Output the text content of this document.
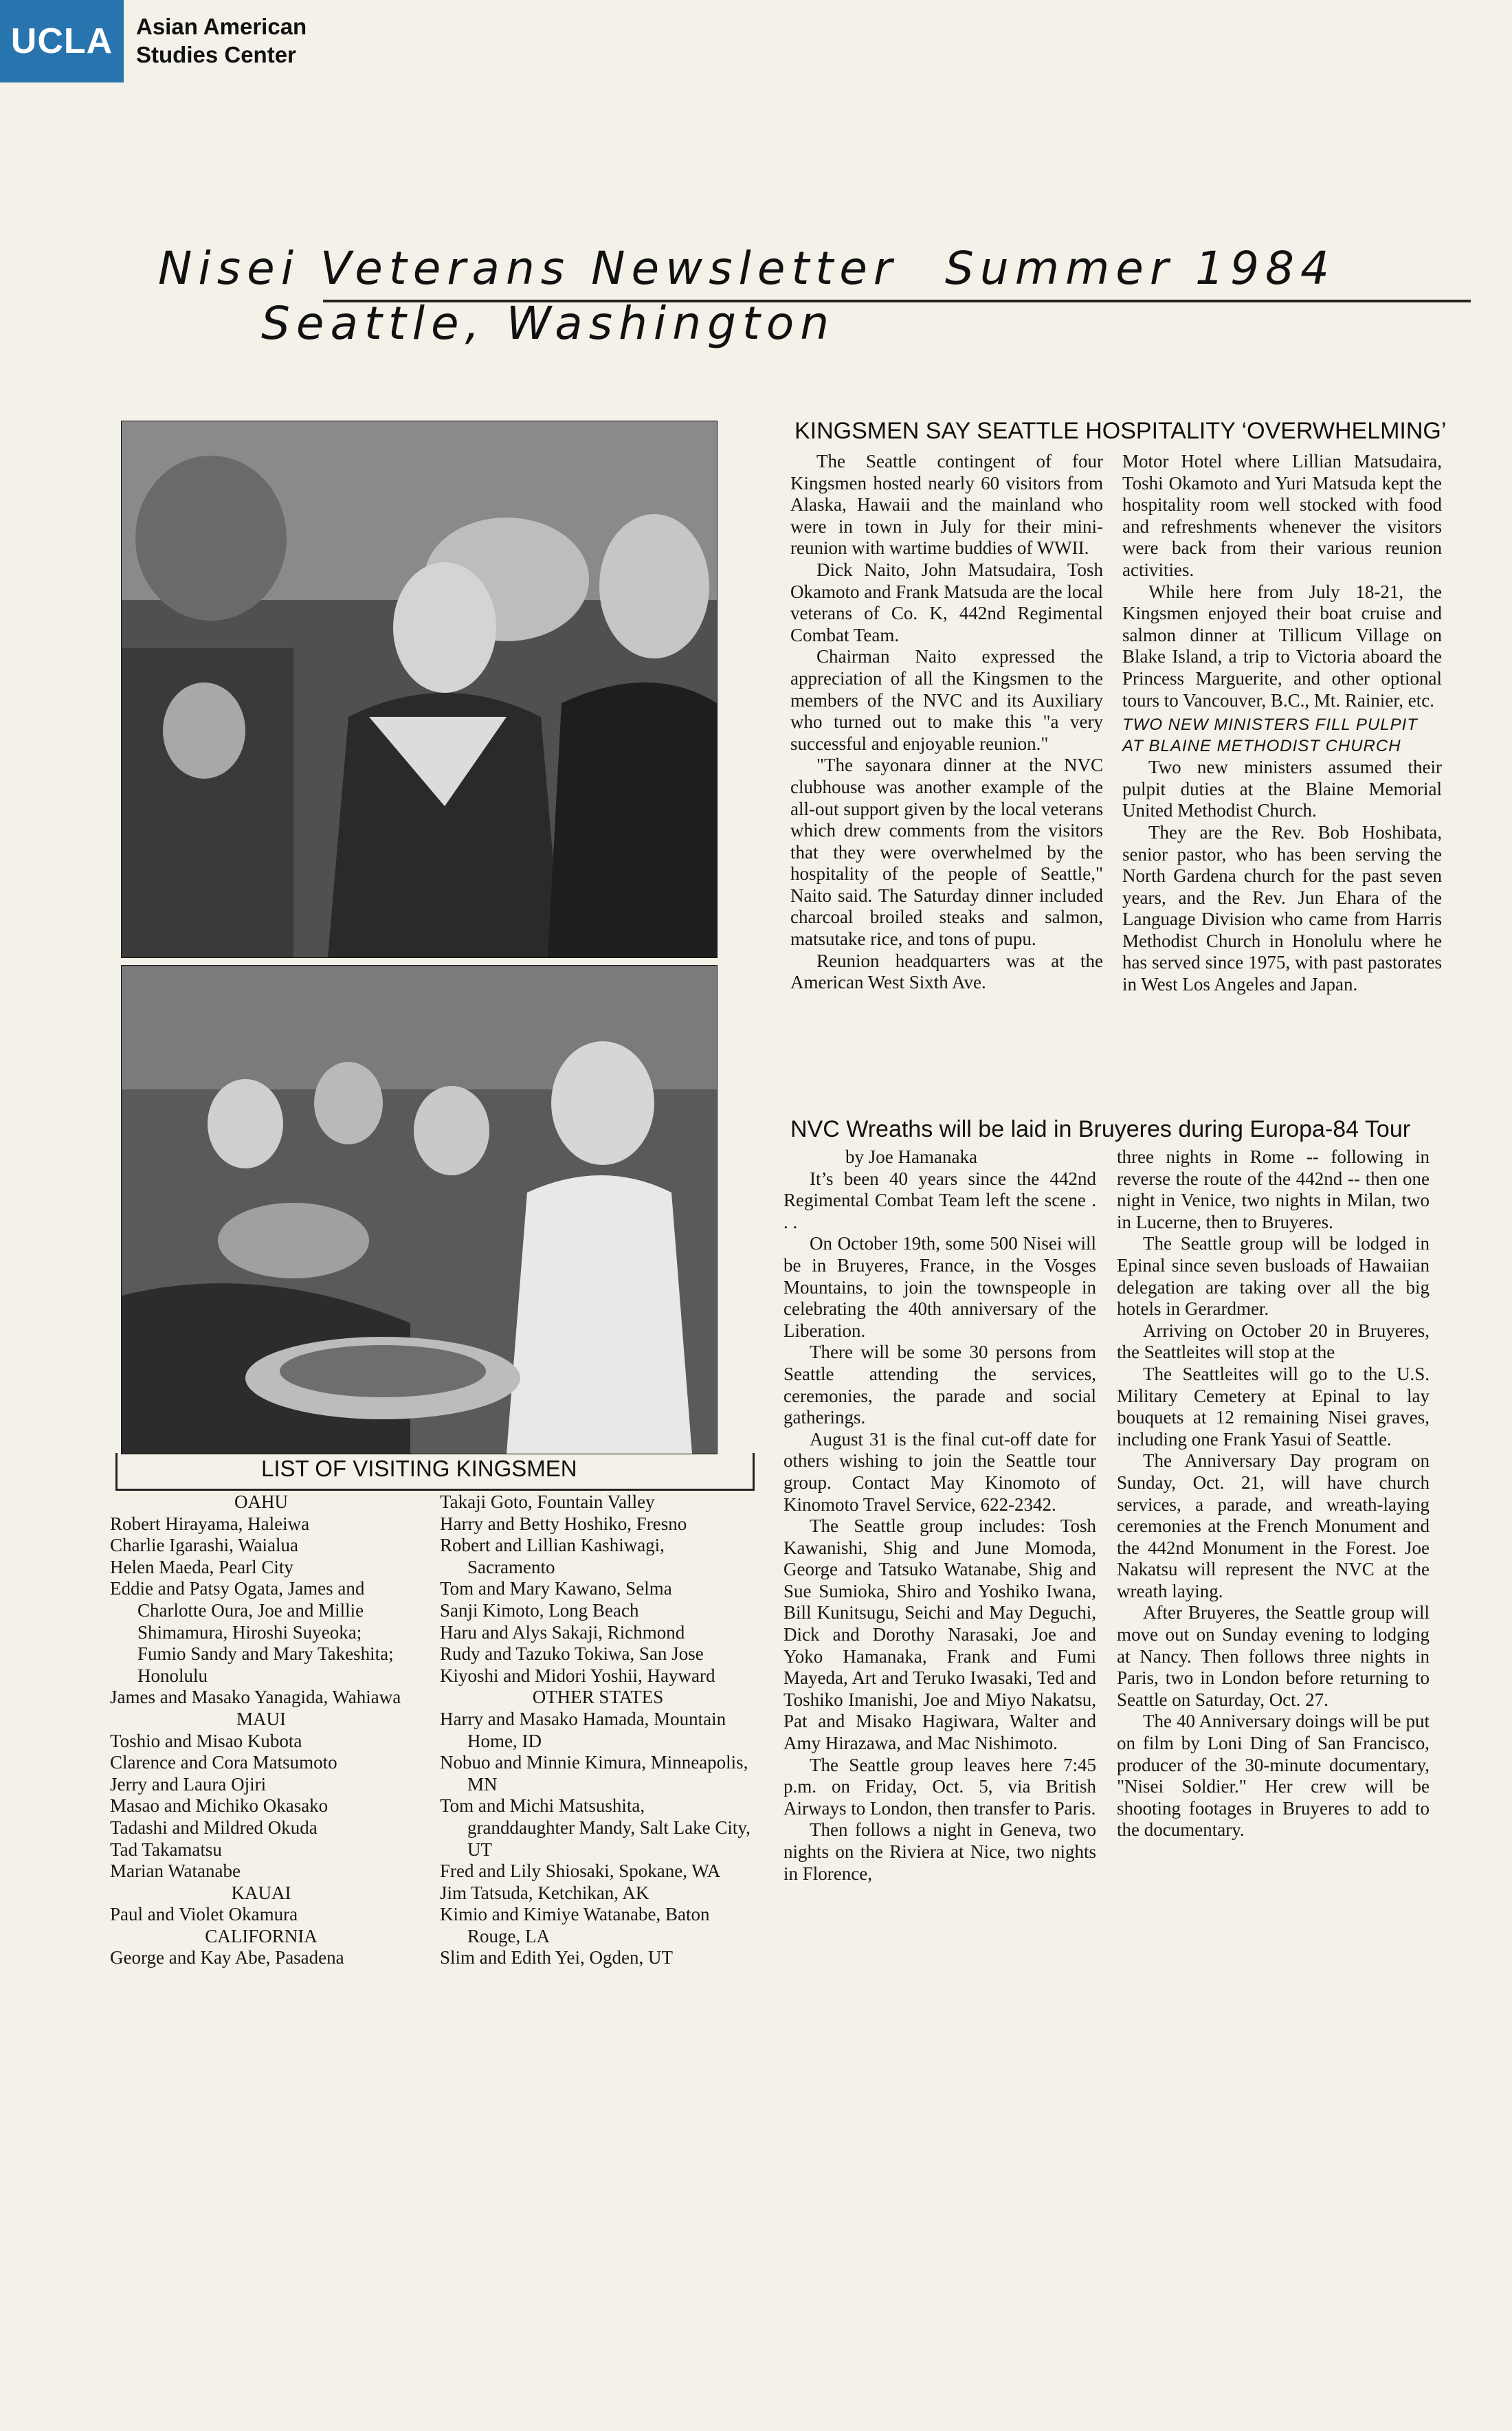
UCLA	Asian American
Studies Center
Nisei Veterans Newsletter Summer 1984
Seattle, Washington
KINGSMEN SAY SEATTLE HOSPITALITY ‘OVERWHELMING’

The Seattle contingent of four Kingsmen hosted nearly 60 visitors from Alaska, Hawaii and the mainland who were in town in July for their mini-reunion with wartime buddies of WWII.

Dick Naito, John Matsudaira, Tosh Okamoto and Frank Matsuda are the local veterans of Co. K, 442nd Regimental Combat Team.

Chairman Naito expressed the appreciation of all the Kingsmen to the members of the NVC and its Auxiliary who turned out to make this "a very successful and enjoyable reunion."

"The sayonara dinner at the NVC clubhouse was another example of the all-out support given by the local veterans which drew comments from the visitors that they were overwhelmed by the hospitality of the people of Seattle," Naito said. The Saturday dinner included charcoal broiled steaks and salmon, matsutake rice, and tons of pupu.

Reunion headquarters was at the American West Sixth Ave.

Motor Hotel where Lillian Matsudaira, Toshi Okamoto and Yuri Matsuda kept the hospitality room well stocked with food and refreshments whenever the visitors were back from their various reunion activities.

While here from July 18-21, the Kingsmen enjoyed their boat cruise and salmon dinner at Tillicum Village on Blake Island, a trip to Victoria aboard the Princess Marguerite, and other optional tours to Vancouver, B.C., Mt. Rainier, etc.

TWO NEW MINISTERS FILL PULPIT

AT BLAINE METHODIST CHURCH

Two new ministers assumed their pulpit duties at the Blaine Memorial United Methodist Church.

They are the Rev. Bob Hoshibata, senior pastor, who has been serving the North Gardena church for the past seven years, and the Rev. Jun Ehara of the Language Division who came from Harris Methodist Church in Honolulu where he has served since 1975, with past pastorates in West Los Angeles and Japan.

NVC Wreaths will be laid in Bruyeres during Europa-84 Tour

by Joe Hamanaka

It’s been 40 years since the 442nd Regimental Combat Team left the scene . . .

On October 19th, some 500 Nisei will be in Bruyeres, France, in the Vosges Mountains, to join the townspeople in celebrating the 40th anniversary of the Liberation.

There will be some 30 persons from Seattle attending the services, ceremonies, the parade and social gatherings.

August 31 is the final cut-off date for others wishing to join the Seattle tour group. Contact May Kinomoto of Kinomoto Travel Service, 622-2342.

The Seattle group includes: Tosh Kawanishi, Shig and June Momoda, George and Tatsuko Watanabe, Shig and Sue Sumioka, Shiro and Yoshiko Iwana, Bill Kunitsugu, Seichi and May Deguchi, Dick and Dorothy Narasaki, Joe and Yoko Hamanaka, Frank and Fumi Mayeda, Art and Teruko Iwasaki, Ted and Toshiko Imanishi, Joe and Miyo Nakatsu, Pat and Misako Hagiwara, Walter and Amy Hirazawa, and Mac Nishimoto.

The Seattle group leaves here 7:45 p.m. on Friday, Oct. 5, via British Airways to London, then transfer to Paris.

Then follows a night in Geneva, two nights on the Riviera at Nice, two nights in Florence,

three nights in Rome -- following in reverse the route of the 442nd -- then one night in Venice, two nights in Milan, two in Lucerne, then to Bruyeres.

The Seattle group will be lodged in Epinal since seven busloads of Hawaiian delegation are taking over all the big hotels in Gerardmer.

Arriving on October 20 in Bruyeres, the Seattleites will stop at the

The Seattleites will go to the U.S. Military Cemetery at Epinal to lay bouquets at 12 remaining Nisei graves, including one Frank Yasui of Seattle.

The Anniversary Day program on Sunday, Oct. 21, will have church services, a parade, and wreath-laying ceremonies at the French Monument and the 442nd Monument in the Forest. Joe Nakatsu will represent the NVC at the wreath laying.

After Bruyeres, the Seattle group will move out on Sunday evening to lodging at Nancy. Then follows three nights in Paris, two in London before returning to Seattle on Saturday, Oct. 27.

The 40 Anniversary doings will be put on film by Loni Ding of San Francisco, producer of the 30-minute documentary, "Nisei Soldier." Her crew will be shooting footages in Bruyeres to add to the documentary.

LIST OF VISITING KINGSMEN
OAHU
Robert Hirayama, Haleiwa
Charlie Igarashi, Waialua
Helen Maeda, Pearl City
Eddie and Patsy Ogata, James and Charlotte Oura, Joe and Millie Shimamura, Hiroshi Suyeoka; Fumio Sandy and Mary Takeshita; Honolulu
James and Masako Yanagida, Wahiawa
MAUI
Toshio and Misao Kubota
Clarence and Cora Matsumoto
Jerry and Laura Ojiri
Masao and Michiko Okasako
Tadashi and Mildred Okuda
Tad Takamatsu
Marian Watanabe
KAUAI
Paul and Violet Okamura
CALIFORNIA
George and Kay Abe, Pasadena
Takaji Goto, Fountain Valley
Harry and Betty Hoshiko, Fresno
Robert and Lillian Kashiwagi, Sacramento
Tom and Mary Kawano, Selma
Sanji Kimoto, Long Beach
Haru and Alys Sakaji, Richmond
Rudy and Tazuko Tokiwa, San Jose
Kiyoshi and Midori Yoshii, Hayward
OTHER STATES
Harry and Masako Hamada, Mountain Home, ID
Nobuo and Minnie Kimura, Minneapolis, MN
Tom and Michi Matsushita, granddaughter Mandy, Salt Lake City, UT
Fred and Lily Shiosaki, Spokane, WA
Jim Tatsuda, Ketchikan, AK
Kimio and Kimiye Watanabe, Baton Rouge, LA
Slim and Edith Yei, Ogden, UT
